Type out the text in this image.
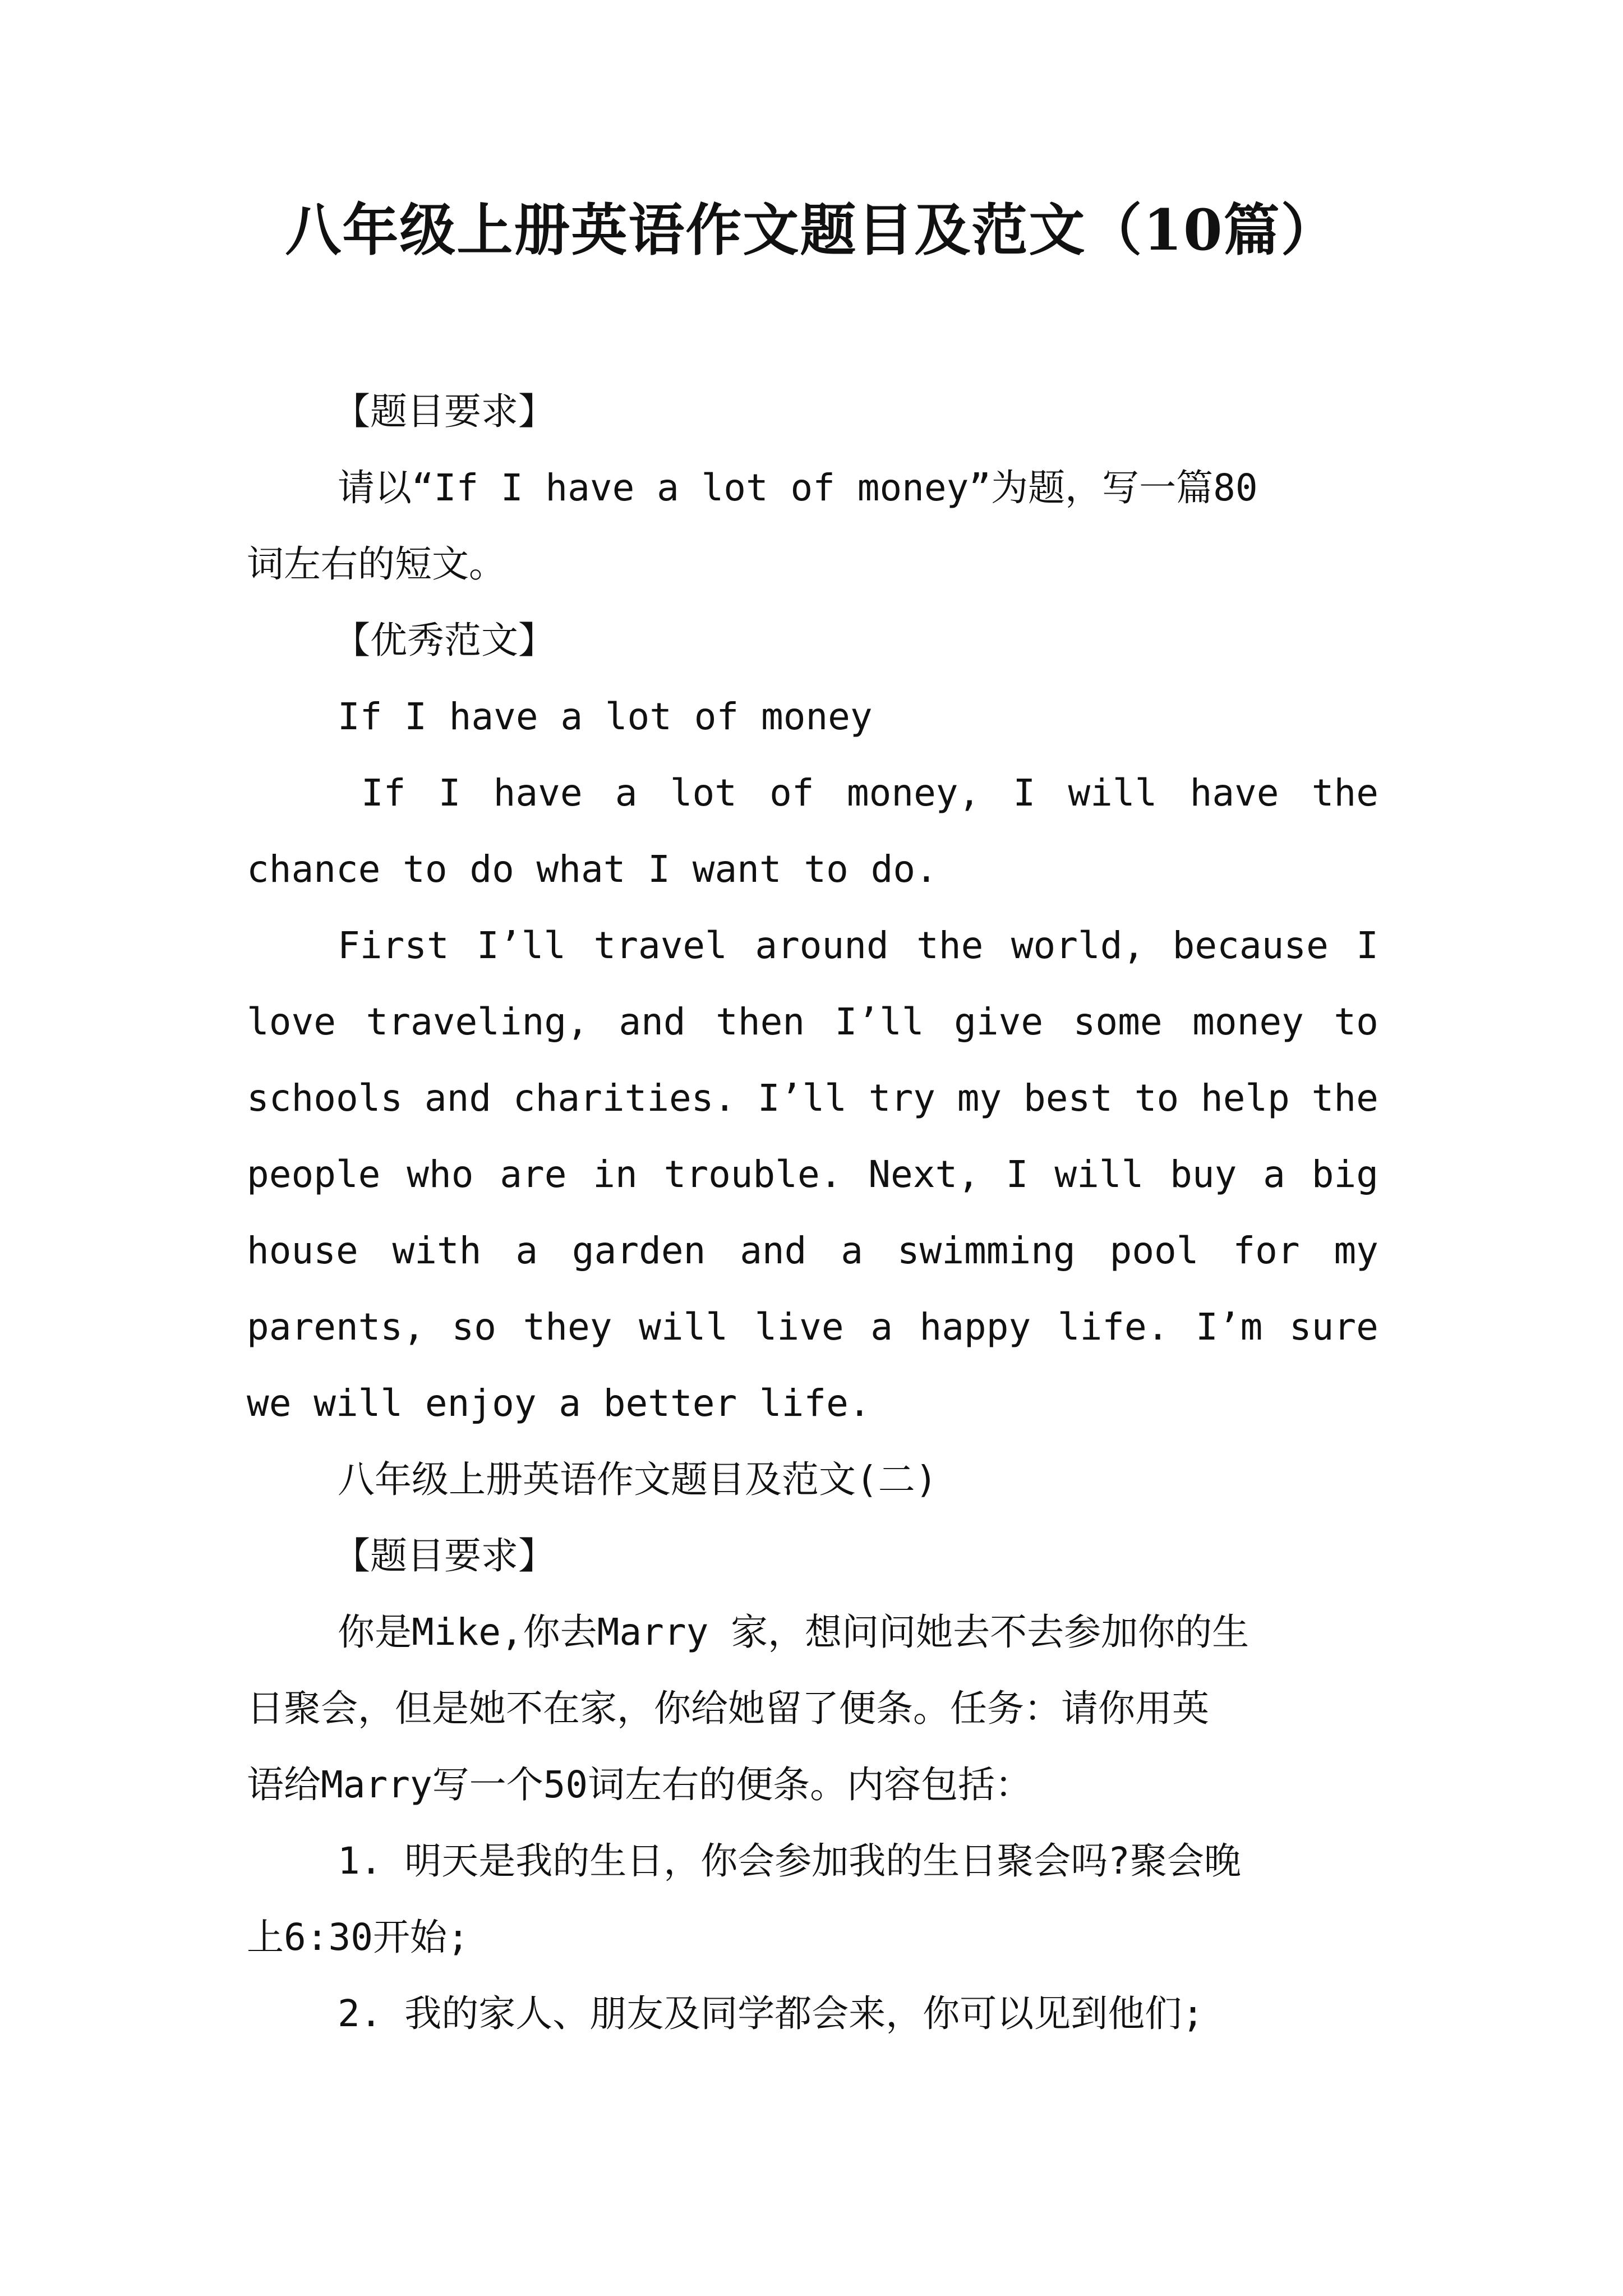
八年级上册英语作文题目及范文（10篇）
【题目要求】
请以“If I have a lot of money”为题，写一篇80
词左右的短文。
【优秀范文】
If I have a lot of money
If I have a lot of money, I will have the
chance to do what I want to do.
First I’ll travel around the world, because I
love traveling, and then I’ll give some money to
schools and charities. I’ll try my best to help the
people who are in trouble. Next, I will buy a big
house with a garden and a swimming pool for my
parents, so they will live a happy life. I’m sure
we will enjoy a better life.
八年级上册英语作文题目及范文(二)
【题目要求】
你是Mike,你去Marry 家，想问问她去不去参加你的生
日聚会，但是她不在家，你给她留了便条。任务：请你用英
语给Marry写一个50词左右的便条。内容包括：
1. 明天是我的生日，你会参加我的生日聚会吗?聚会晚
上6:30开始;
2. 我的家人、朋友及同学都会来，你可以见到他们;
